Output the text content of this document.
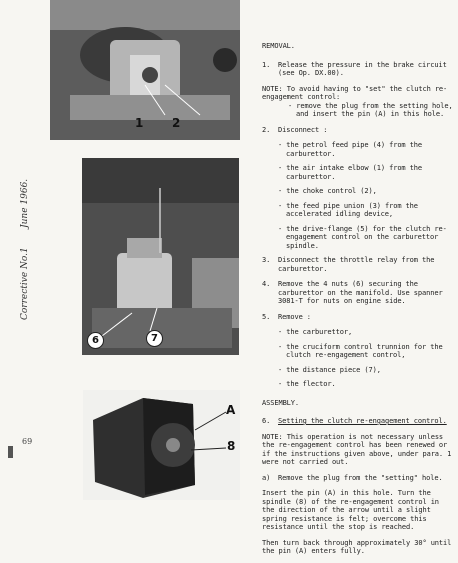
1 2
6	7
A
8
June 1966.
Corrective No.1
69
REMOVAL.
1.	Release the pressure in the brake circuit (see Op. DX.00).
NOTE: To avoid having to "set" the clutch re-engagement control:
- remove the plug from the setting hole, and insert the pin (A) in this hole.
2.	Disconnect :
- the petrol feed pipe (4) from the carburettor.
- the air intake elbow (1) from the carburettor.
- the choke control (2),
- the feed pipe union (3) from the accelerated idling device,
- the drive-flange (5) for the clutch re-engagement control on the carburettor spindle.
3.	Disconnect the throttle relay from the carburettor.
4.	Remove the 4 nuts (6) securing the carburettor on the manifold. Use spanner 3081-T for nuts on engine side.
5.	Remove :
- the carburettor,
- the cruciform control trunnion for the clutch re-engagement control,
- the distance piece (7),
- the flector.
ASSEMBLY.
6.	Setting the clutch re-engagement control.
NOTE: This operation is not necessary unless the re-engagement control has been renewed or if the instructions given above, under para. 1 were not carried out.
a)	Remove the plug from the "setting" hole.
Insert the pin (A) in this hole. Turn the spindle (8) of the re-engagement control in the direction of the arrow until a slight spring resistance is felt; overcome this resistance until the stop is reached.
Then turn back through approximately 30° until the pin (A) enters fully.
